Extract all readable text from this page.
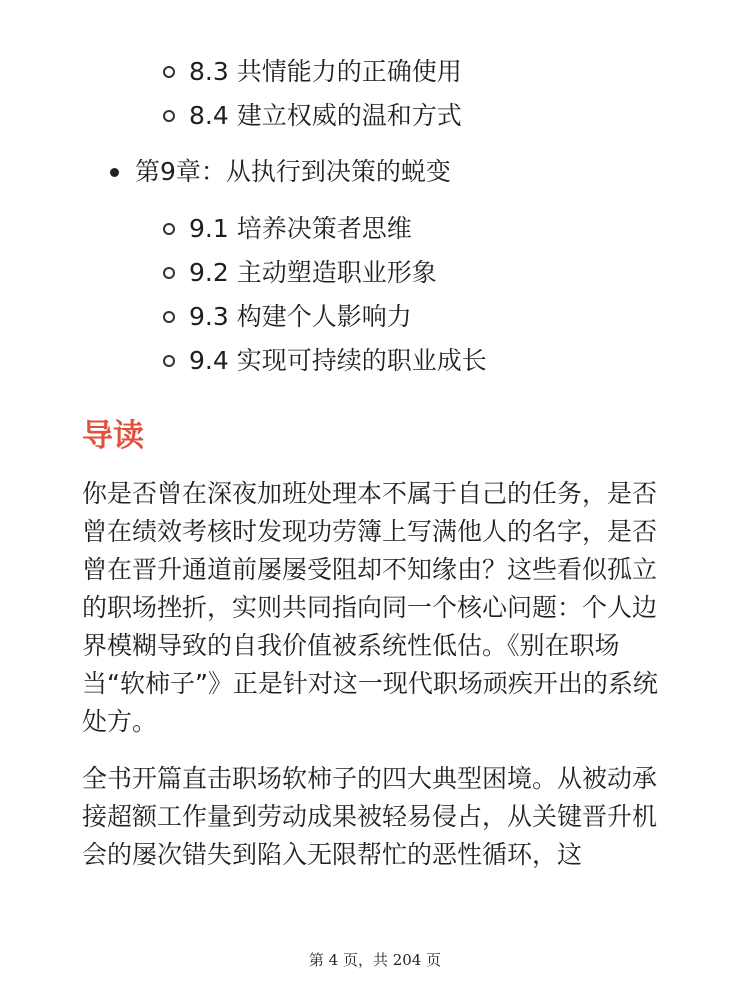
8.3 共情能力的正确使用
8.4 建立权威的温和方式
第9章：从执行到决策的蜕变
9.1 培养决策者思维
9.2 主动塑造职业形象
9.3 构建个人影响力
9.4 实现可持续的职业成长
导读

你是否曾在深夜加班处理本不属于自己的任务，是否曾在绩效考核时发现功劳簿上写满他人的名字，是否曾在晋升通道前屡屡受阻却不知缘由？这些看似孤立的职场挫折，实则共同指向同一个核心问题：个人边界模糊导致的自我价值被系统性低估。《别在职场当“软柿子”》正是针对这一现代职场顽疾开出的系统处方。

全书开篇直击职场软柿子的四大典型困境。从被动承接超额工作量到劳动成果被轻易侵占，从关键晋升机会的屡次错失到陷入无限帮忙的恶性循环，这

第 4 页，共 204 页
